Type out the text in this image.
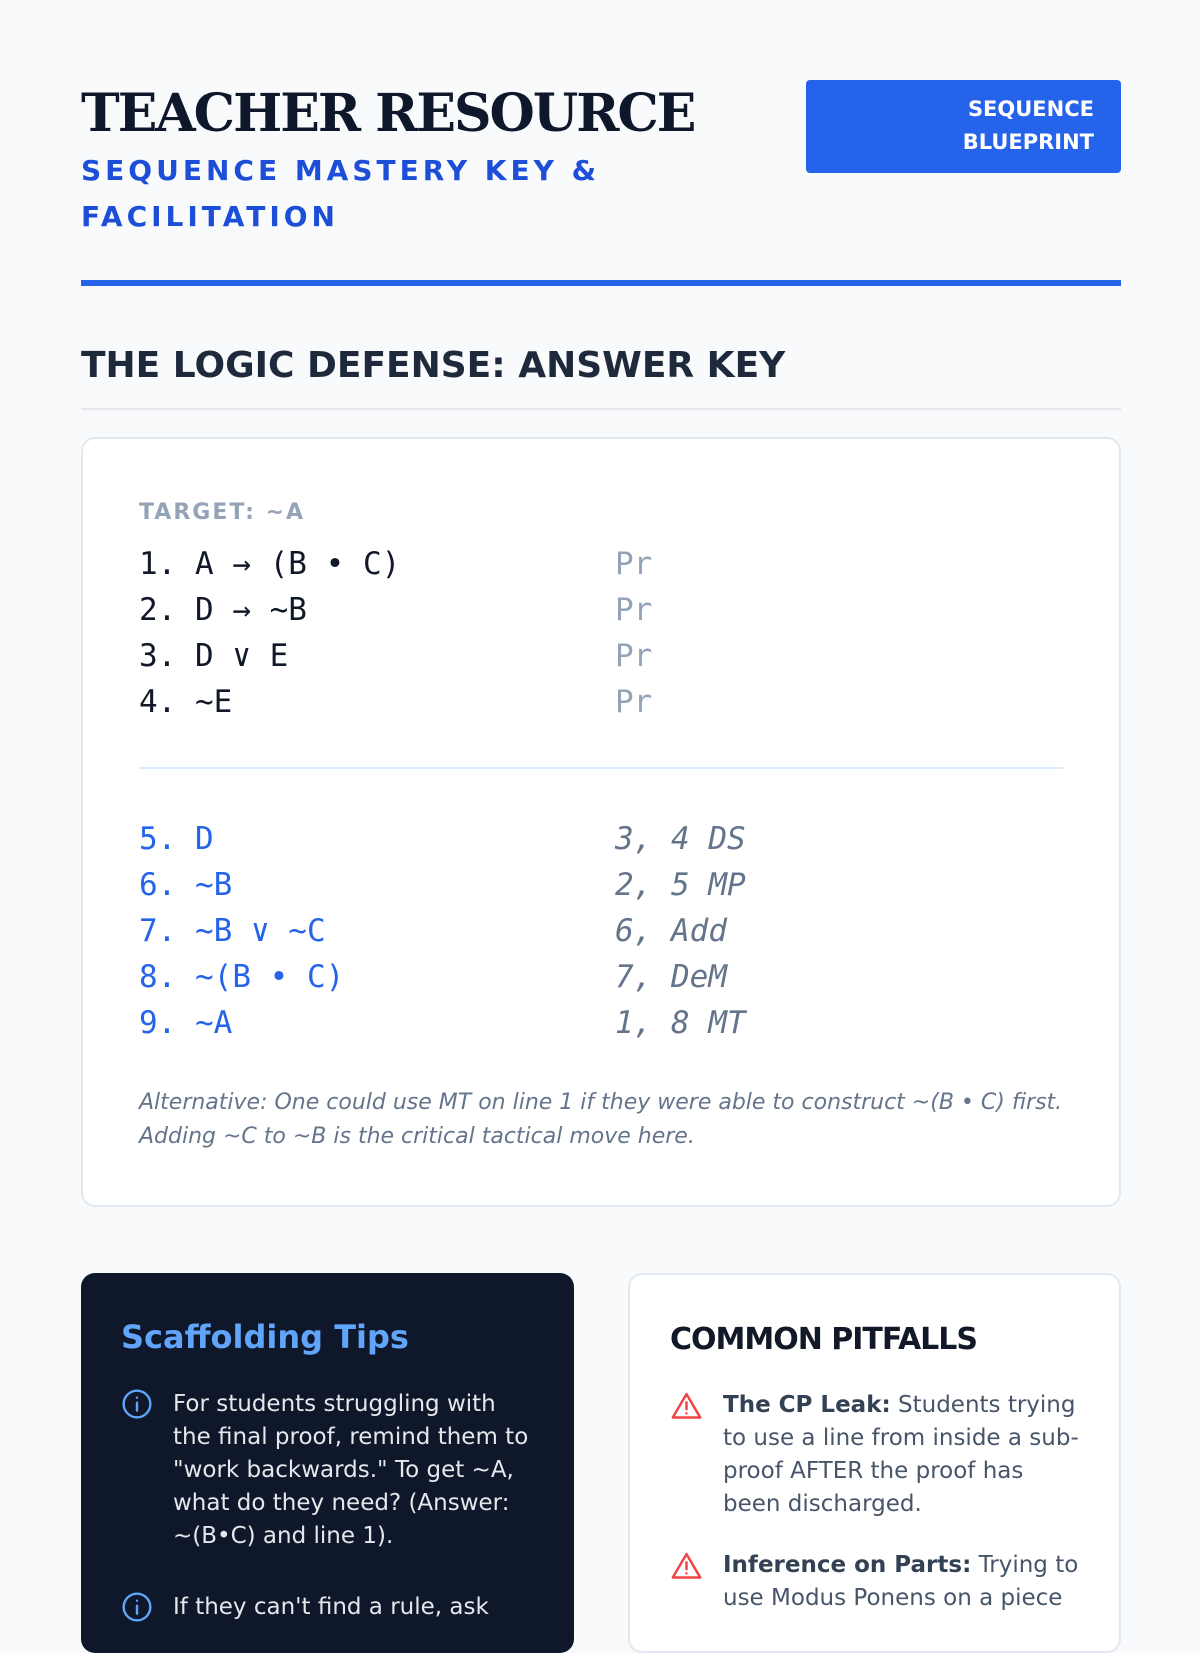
TEACHER RESOURCE
SEQUENCE MASTERY KEY & FACILITATION
SEQUENCE
BLUEPRINT
THE LOGIC DEFENSE: ANSWER KEY
TARGET: ~A
1. A → (B • C)	Pr
2. D → ~B	Pr
3. D ∨ E	Pr
4. ~E	Pr
5. D	3, 4 DS
6. ~B	2, 5 MP
7. ~B ∨ ~C	6, Add
8. ~(B • C)	7, DeM
9. ~A	1, 8 MT

Alternative: One could use MT on line 1 if they were able to construct ~(B • C) first. Adding ~C to ~B is the critical tactical move here.

Scaffolding Tips
For students struggling with the final proof, remind them to "work backwards." To get ~A, what do they need? (Answer: ~(B•C) and line 1).
If they can't find a rule, ask
COMMON PITFALLS
The CP Leak: Students trying to use a line from inside a sub-proof AFTER the proof has been discharged.
Inference on Parts: Trying to use Modus Ponens on a piece
